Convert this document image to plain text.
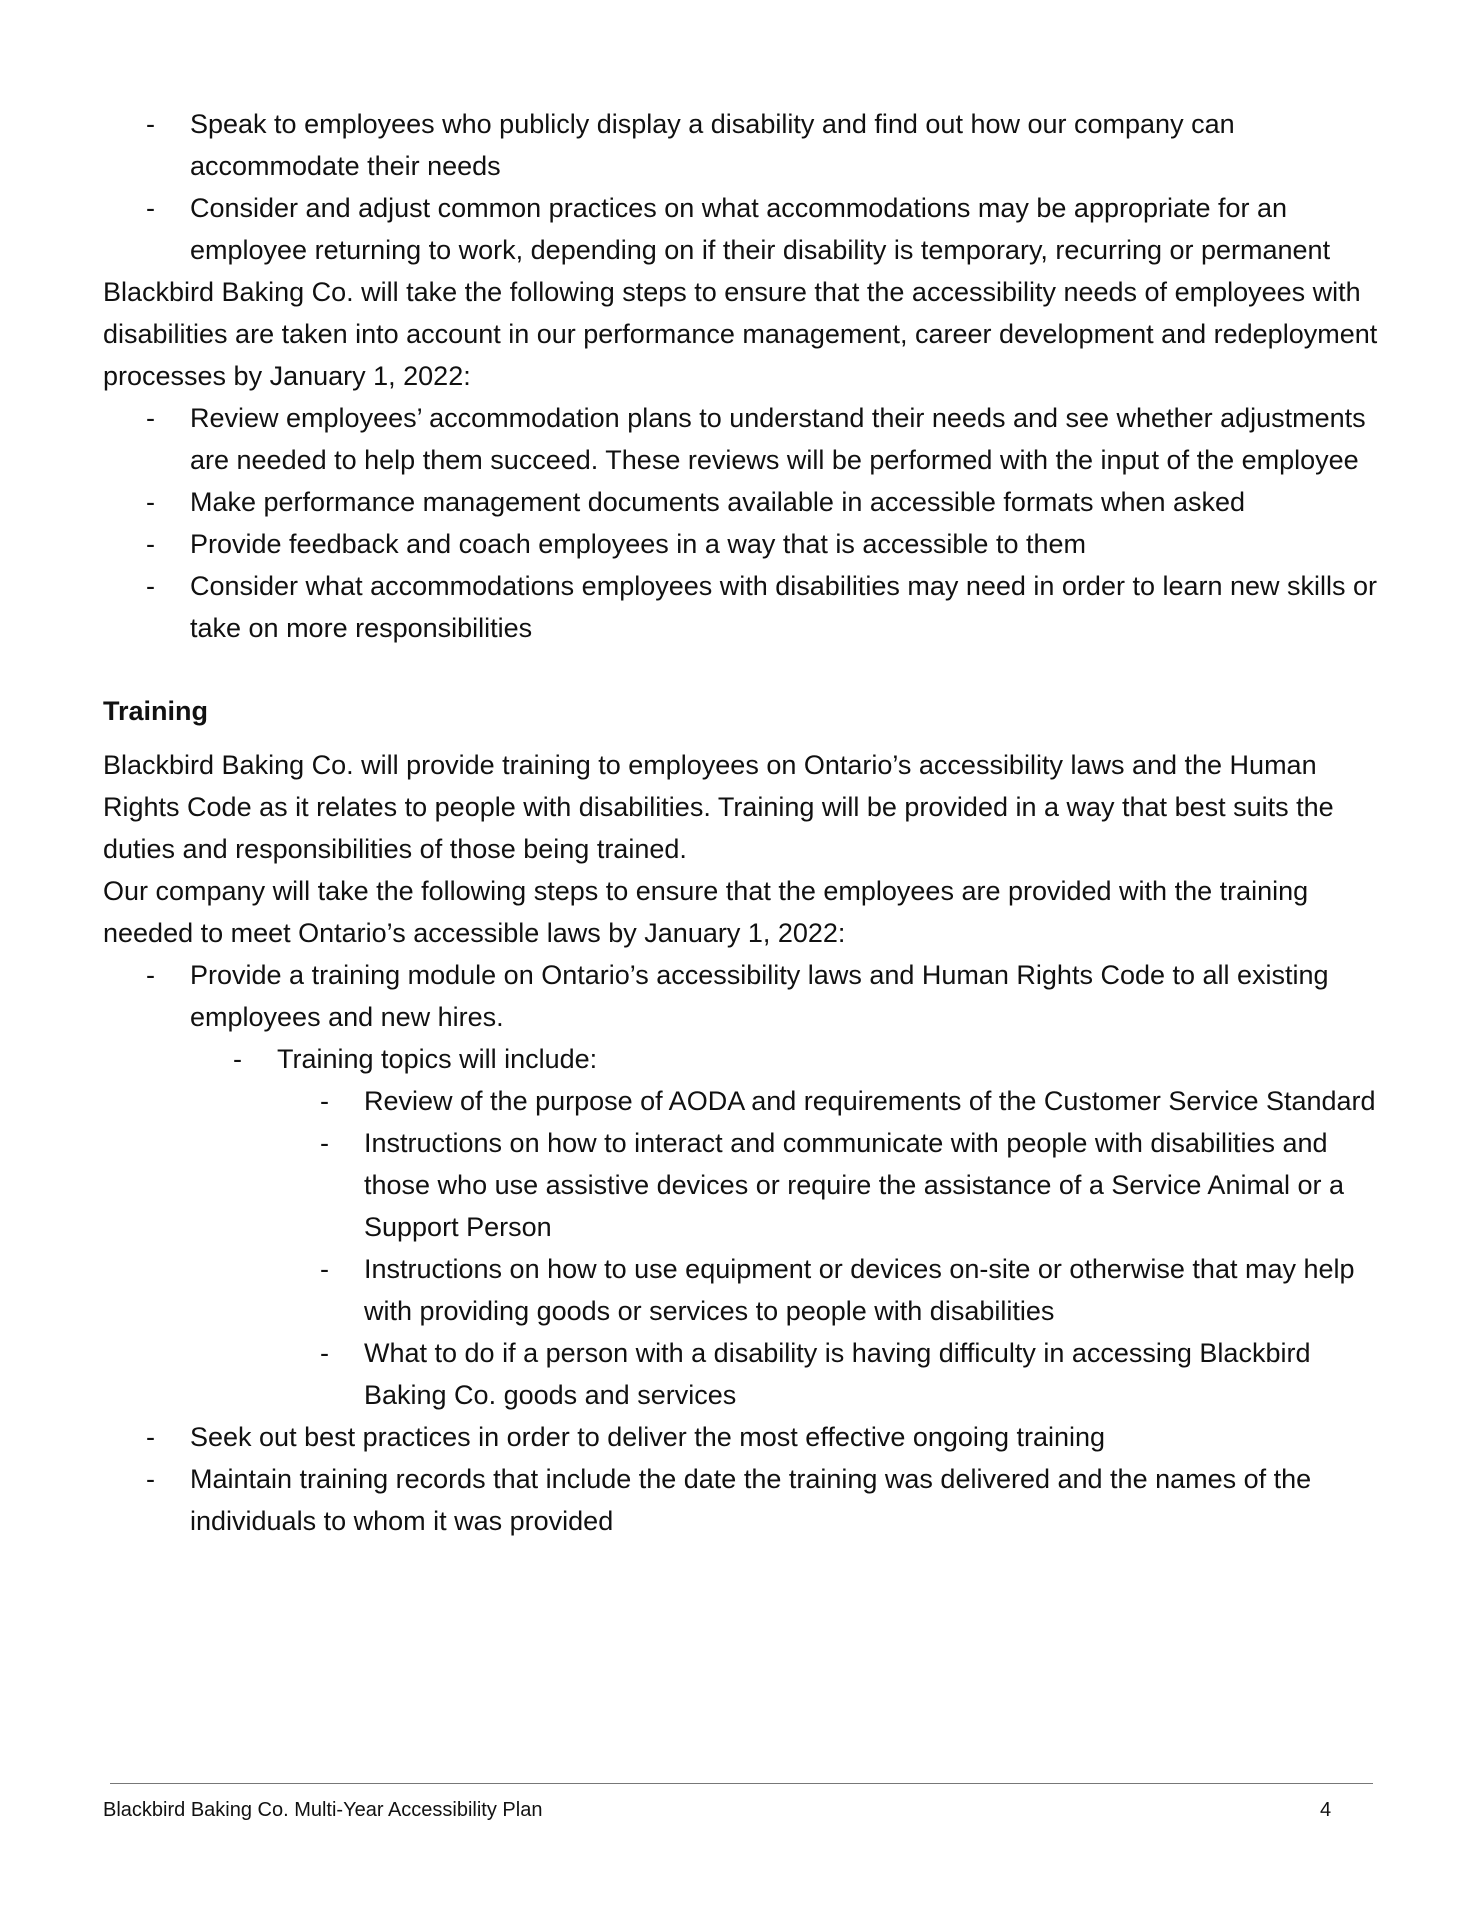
- Speak to employees who publicly display a disability and find out how our company can accommodate their needs
- Consider and adjust common practices on what accommodations may be appropriate for an employee returning to work, depending on if their disability is temporary, recurring or permanent

Blackbird Baking Co. will take the following steps to ensure that the accessibility needs of employees with disabilities are taken into account in our performance management, career development and redeployment processes by January 1, 2022:

- Review employees’ accommodation plans to understand their needs and see whether adjustments are needed to help them succeed. These reviews will be performed with the input of the employee
- Make performance management documents available in accessible formats when asked
- Provide feedback and coach employees in a way that is accessible to them
- Consider what accommodations employees with disabilities may need in order to learn new skills or take on more responsibilities
Training

Blackbird Baking Co. will provide training to employees on Ontario’s accessibility laws and the Human Rights Code as it relates to people with disabilities. Training will be provided in a way that best suits the duties and responsibilities of those being trained.

Our company will take the following steps to ensure that the employees are provided with the training needed to meet Ontario’s accessible laws by January 1, 2022:

- Provide a training module on Ontario’s accessibility laws and Human Rights Code to all existing employees and new hires.
- Training topics will include:
- Review of the purpose of AODA and requirements of the Customer Service Standard
- Instructions on how to interact and communicate with people with disabilities and those who use assistive devices or require the assistance of a Service Animal or a Support Person
- Instructions on how to use equipment or devices on-site or otherwise that may help with providing goods or services to people with disabilities
- What to do if a person with a disability is having difficulty in accessing Blackbird Baking Co. goods and services
- Seek out best practices in order to deliver the most effective ongoing training
- Maintain training records that include the date the training was delivered and the names of the individuals to whom it was provided
Blackbird Baking Co. Multi-Year Accessibility Plan	4
